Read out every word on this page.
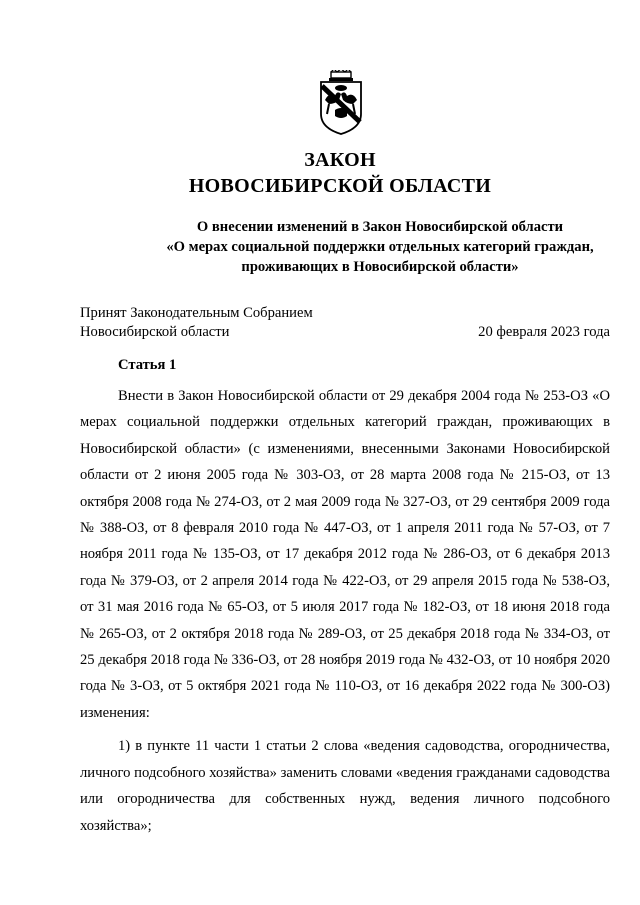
ЗАКОН
НОВОСИБИРСКОЙ ОБЛАСТИ
О внесении изменений в Закон Новосибирской области
«О мерах социальной поддержки отдельных категорий граждан,
проживающих в Новосибирской области»
Принят Законодательным Собранием
Новосибирской области	20 февраля 2023 года
Статья 1

Внести в Закон Новосибирской области от 29 декабря 2004 года № 253-ОЗ «О мерах социальной поддержки отдельных категорий граждан, проживающих в Новосибирской области» (с изменениями, внесенными Законами Новосибирской области от 2 июня 2005 года № 303-ОЗ, от 28 марта 2008 года № 215-ОЗ, от 13 октября 2008 года № 274-ОЗ, от 2 мая 2009 года № 327-ОЗ, от 29 сентября 2009 года № 388-ОЗ, от 8 февраля 2010 года № 447-ОЗ, от 1 апреля 2011 года № 57-ОЗ, от 7 ноября 2011 года № 135-ОЗ, от 17 декабря 2012 года № 286-ОЗ, от 6 декабря 2013 года № 379-ОЗ, от 2 апреля 2014 года № 422-ОЗ, от 29 апреля 2015 года № 538-ОЗ, от 31 мая 2016 года № 65-ОЗ, от 5 июля 2017 года № 182-ОЗ, от 18 июня 2018 года № 265-ОЗ, от 2 октября 2018 года № 289-ОЗ, от 25 декабря 2018 года № 334-ОЗ, от 25 декабря 2018 года № 336-ОЗ, от 28 ноября 2019 года № 432-ОЗ, от 10 ноября 2020 года № 3-ОЗ, от 5 октября 2021 года № 110-ОЗ, от 16 декабря 2022 года № 300-ОЗ) изменения:

1) в пункте 11 части 1 статьи 2 слова «ведения садоводства, огородничества, личного подсобного хозяйства» заменить словами «ведения гражданами садоводства или огородничества для собственных нужд, ведения личного подсобного хозяйства»;
